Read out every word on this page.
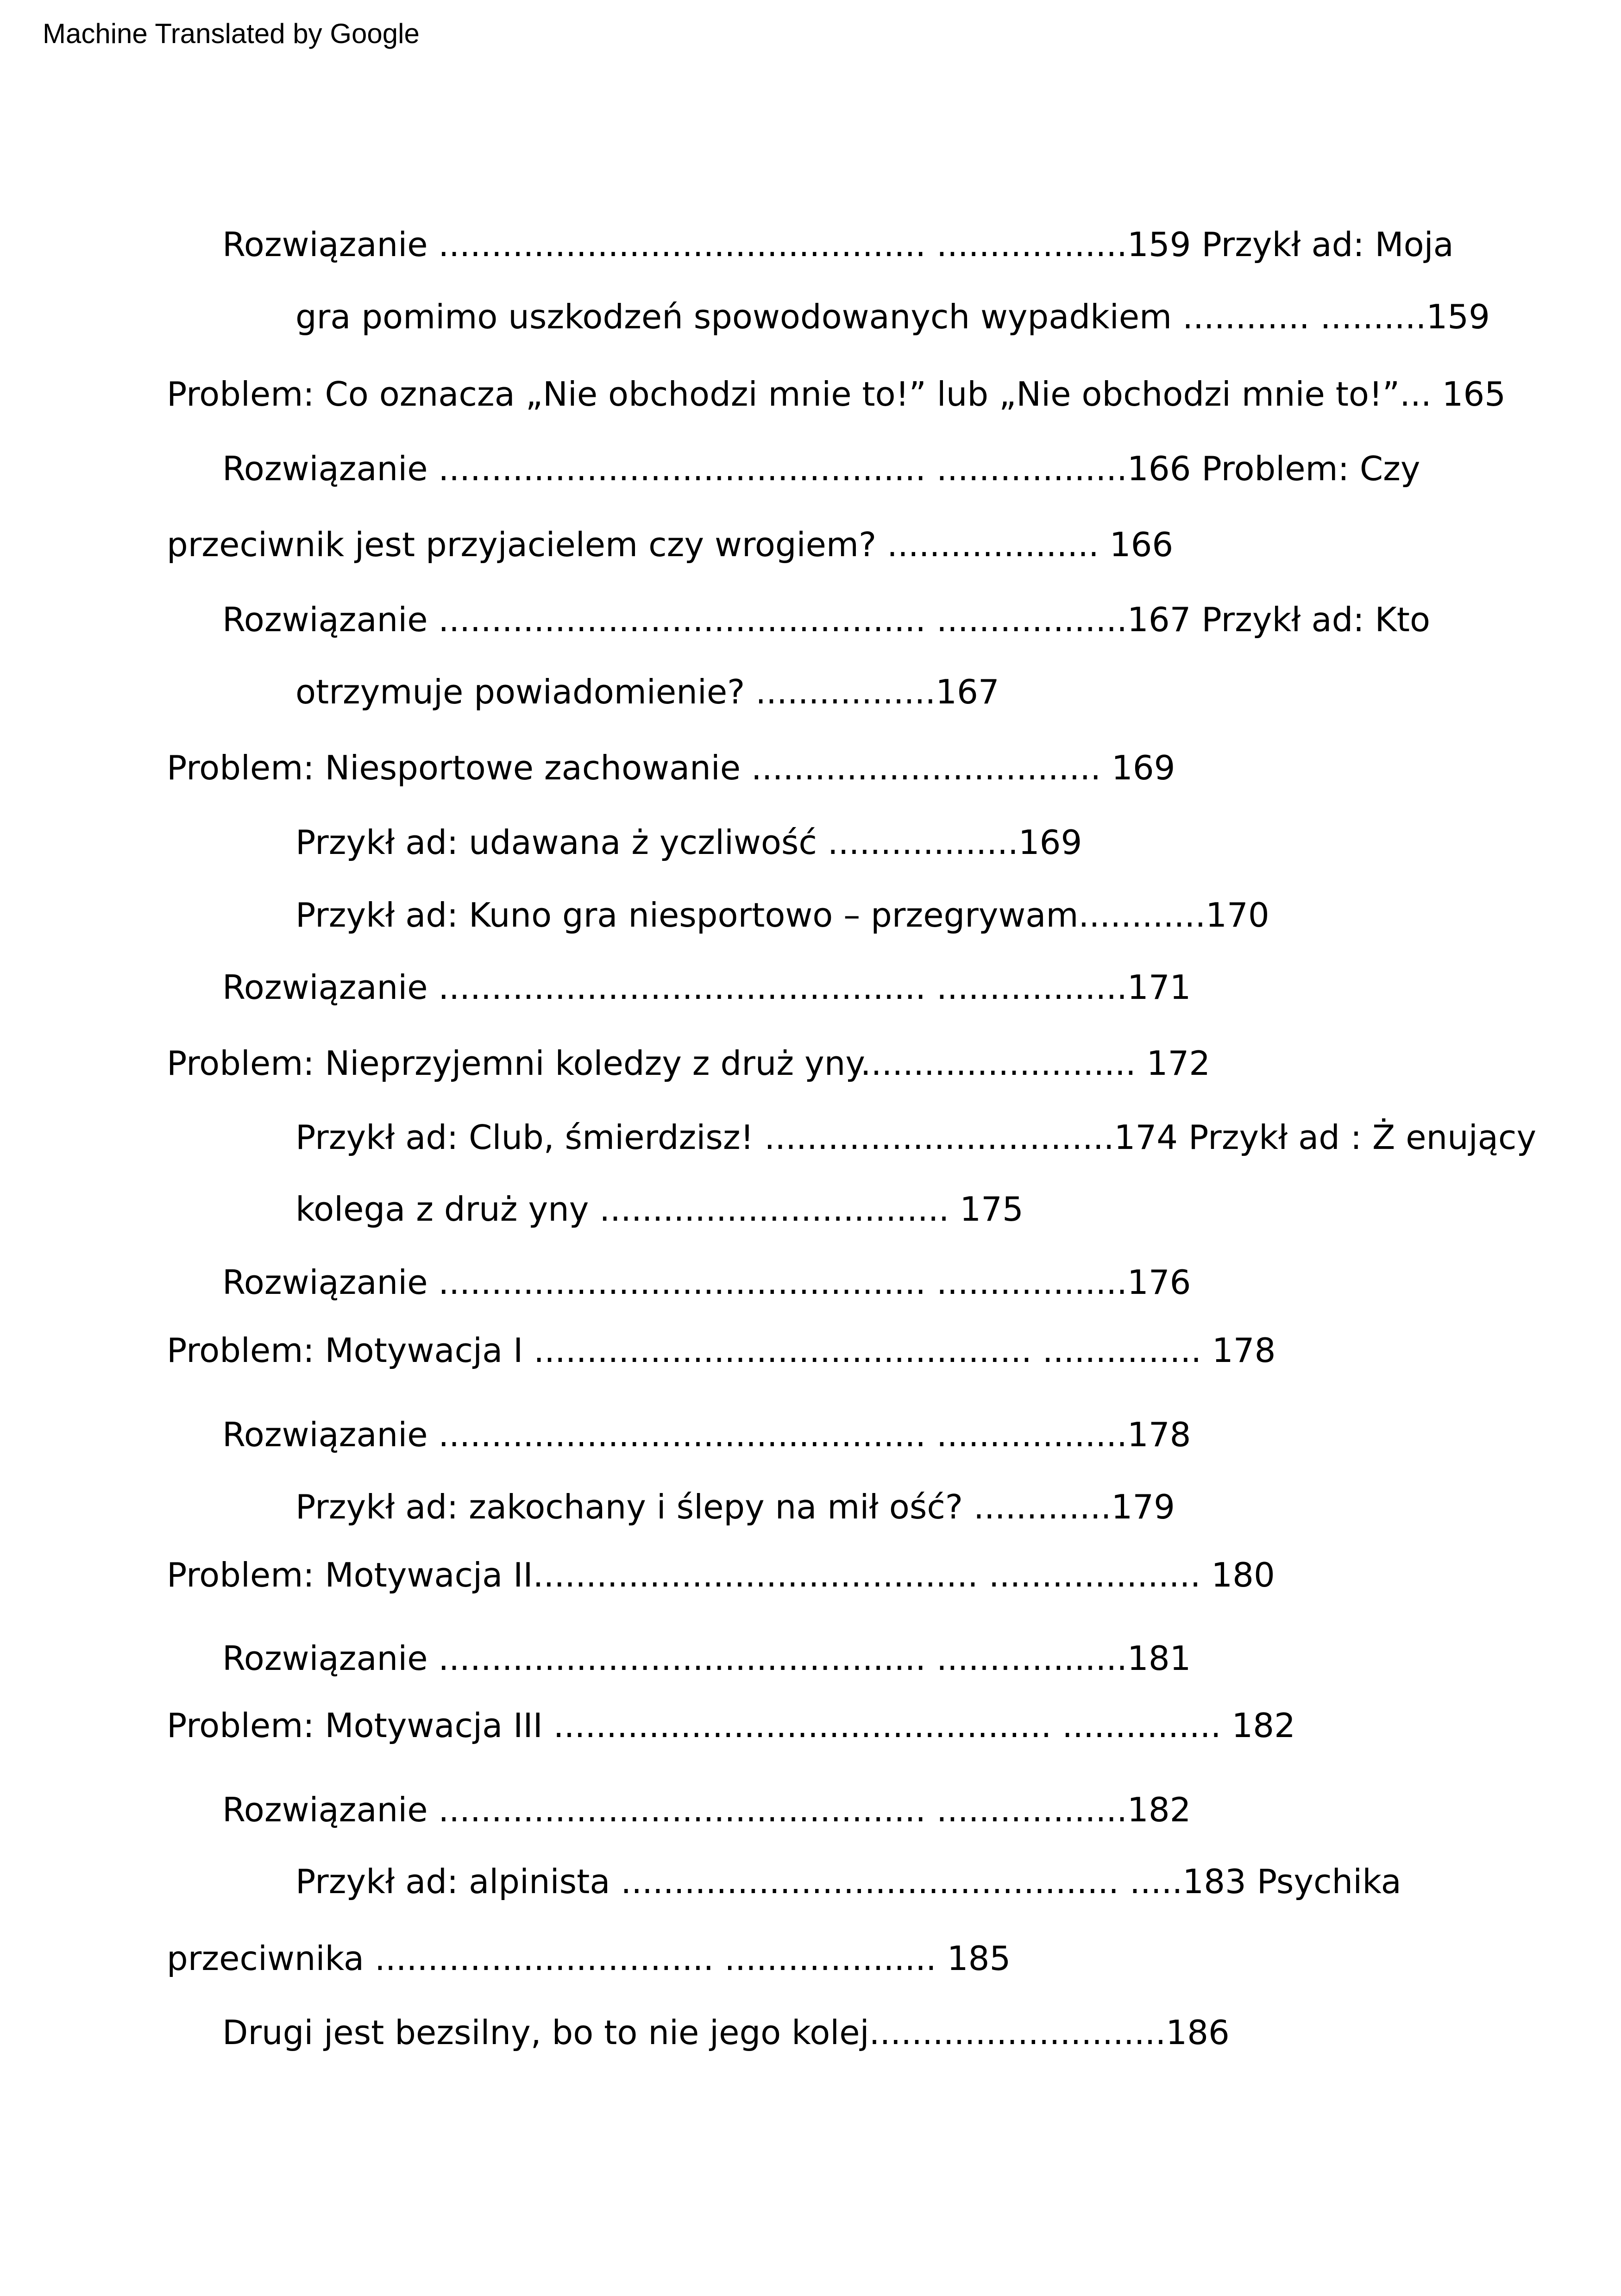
Machine Translated by Google
Rozwiązanie .............................................. ..................159 Przykł ad: Moja
gra pomimo uszkodzeń spowodowanych wypadkiem ............ ..........159
Problem: Co oznacza „Nie obchodzi mnie to!” lub „Nie obchodzi mnie to!”... 165
Rozwiązanie .............................................. ..................166 Problem: Czy
przeciwnik jest przyjacielem czy wrogiem? .................... 166
Rozwiązanie .............................................. ..................167 Przykł ad: Kto
otrzymuje powiadomienie? .................167
Problem: Niesportowe zachowanie ................................. 169
Przykł ad: udawana ż yczliwość ..................169
Przykł ad: Kuno gra niesportowo – przegrywam............170
Rozwiązanie .............................................. ..................171
Problem: Nieprzyjemni koledzy z druż yny.......................... 172
Przykł ad: Club, śmierdzisz! .................................174 Przykł ad : Ż enujący
kolega z druż yny ................................. 175
Rozwiązanie .............................................. ..................176
Problem: Motywacja I ............................................... ............... 178
Rozwiązanie .............................................. ..................178
Przykł ad: zakochany i ślepy na mił ość? .............179
Problem: Motywacja II.......................................... .................... 180
Rozwiązanie .............................................. ..................181
Problem: Motywacja III ............................................... ............... 182
Rozwiązanie .............................................. ..................182
Przykł ad: alpinista ............................................... .....183 Psychika
przeciwnika ................................ .................... 185
Drugi jest bezsilny, bo to nie jego kolej............................186
